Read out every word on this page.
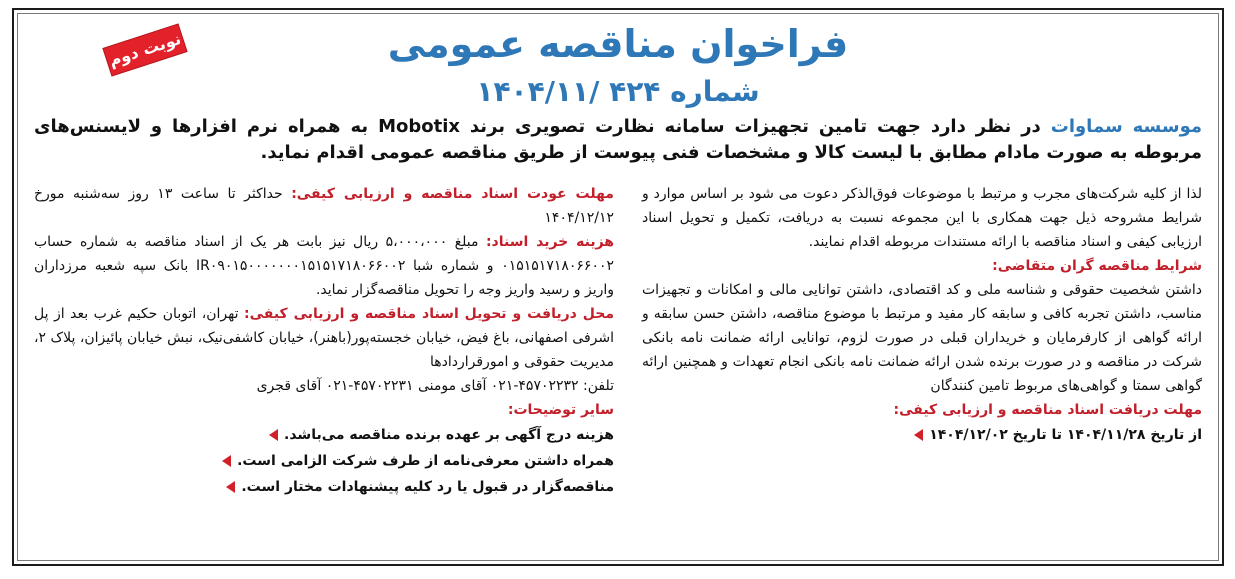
نوبت دوم	فراخوان مناقصه عمومی
شماره ۴۲۴ /۱۴۰۴/۱۱
موسسه سماوات در نظر دارد جهت تامین تجهیزات سامانه نظارت تصویری برند Mobotix به همراه نرم افزارها و لایسنس‌های مربوطه به صورت مادام مطابق با لیست کالا و مشخصات فنی پیوست از طریق مناقصه عمومی اقدام نماید.
لذا از کلیه شرکت‌های مجرب و مرتبط با موضوعات فوق‌الذکر دعوت می شود بر اساس موارد و شرایط مشروحه ذیل جهت همکاری با این مجموعه نسبت به دریافت، تکمیل و تحویل اسناد ارزیابی کیفی و اسناد مناقصه با ارائه مستندات مربوطه اقدام نمایند.
شرایط مناقصه گران متقاضی:
داشتن شخصیت حقوقی و شناسه ملی و کد اقتصادی، داشتن توانایی مالی و امکانات و تجهیزات مناسب، داشتن تجربه کافی و سابقه کار مفید و مرتبط با موضوع مناقصه، داشتن حسن سابقه و ارائه گواهی از کارفرمایان و خریداران قبلی در صورت لزوم، توانایی ارائه ضمانت نامه بانکی شرکت در مناقصه و در صورت برنده شدن ارائه ضمانت نامه بانکی انجام تعهدات و همچنین ارائه گواهی سمتا و گواهی‌های مربوط تامین کنندگان
مهلت دریافت اسناد مناقصه و ارزیابی کیفی:
از تاریخ ۱۴۰۴/۱۱/۲۸ تا تاریخ ۱۴۰۴/۱۲/۰۲
مهلت عودت اسناد مناقصه و ارزیابی کیفی: حداکثر تا ساعت ۱۳ روز سه‌شنبه مورخ ۱۴۰۴/۱۲/۱۲
هزینه خرید اسناد: مبلغ ۵،۰۰۰،۰۰۰ ریال نیز بابت هر یک از اسناد مناقصه به شماره حساب ۰۱۵۱۵۱۷۱۸۰۶۶۰۰۲ و شماره شبا IR۰۹۰۱۵۰۰۰۰۰۰۰۱۵۱۵۱۷۱۸۰۶۶۰۰۲ بانک سپه شعبه مرزداران واریز و رسید واریز وجه را تحویل مناقصه‌گزار نماید.
محل دریافت و تحویل اسناد مناقصه و ارزیابی کیفی: تهران، اتوبان حکیم غرب بعد از پل اشرفی اصفهانی، باغ فیض، خیابان خجسته‌پور(باهنر)، خیابان کاشفی‌نیک، نبش خیابان پائیزان، پلاک ۲، مدیریت حقوقی و امورقراردادها
تلفن: ۴۵۷۰۲۲۳۲-۰۲۱ آقای مومنی ۴۵۷۰۲۲۳۱-۰۲۱ آقای قجری
سایر توضیحات:
هزینه درج آگهی بر عهده برنده مناقصه می‌باشد.
همراه داشتن معرفی‌نامه از طرف شرکت الزامی است.
مناقصه‌گزار در قبول یا رد کلیه پیشنهادات مختار است.
